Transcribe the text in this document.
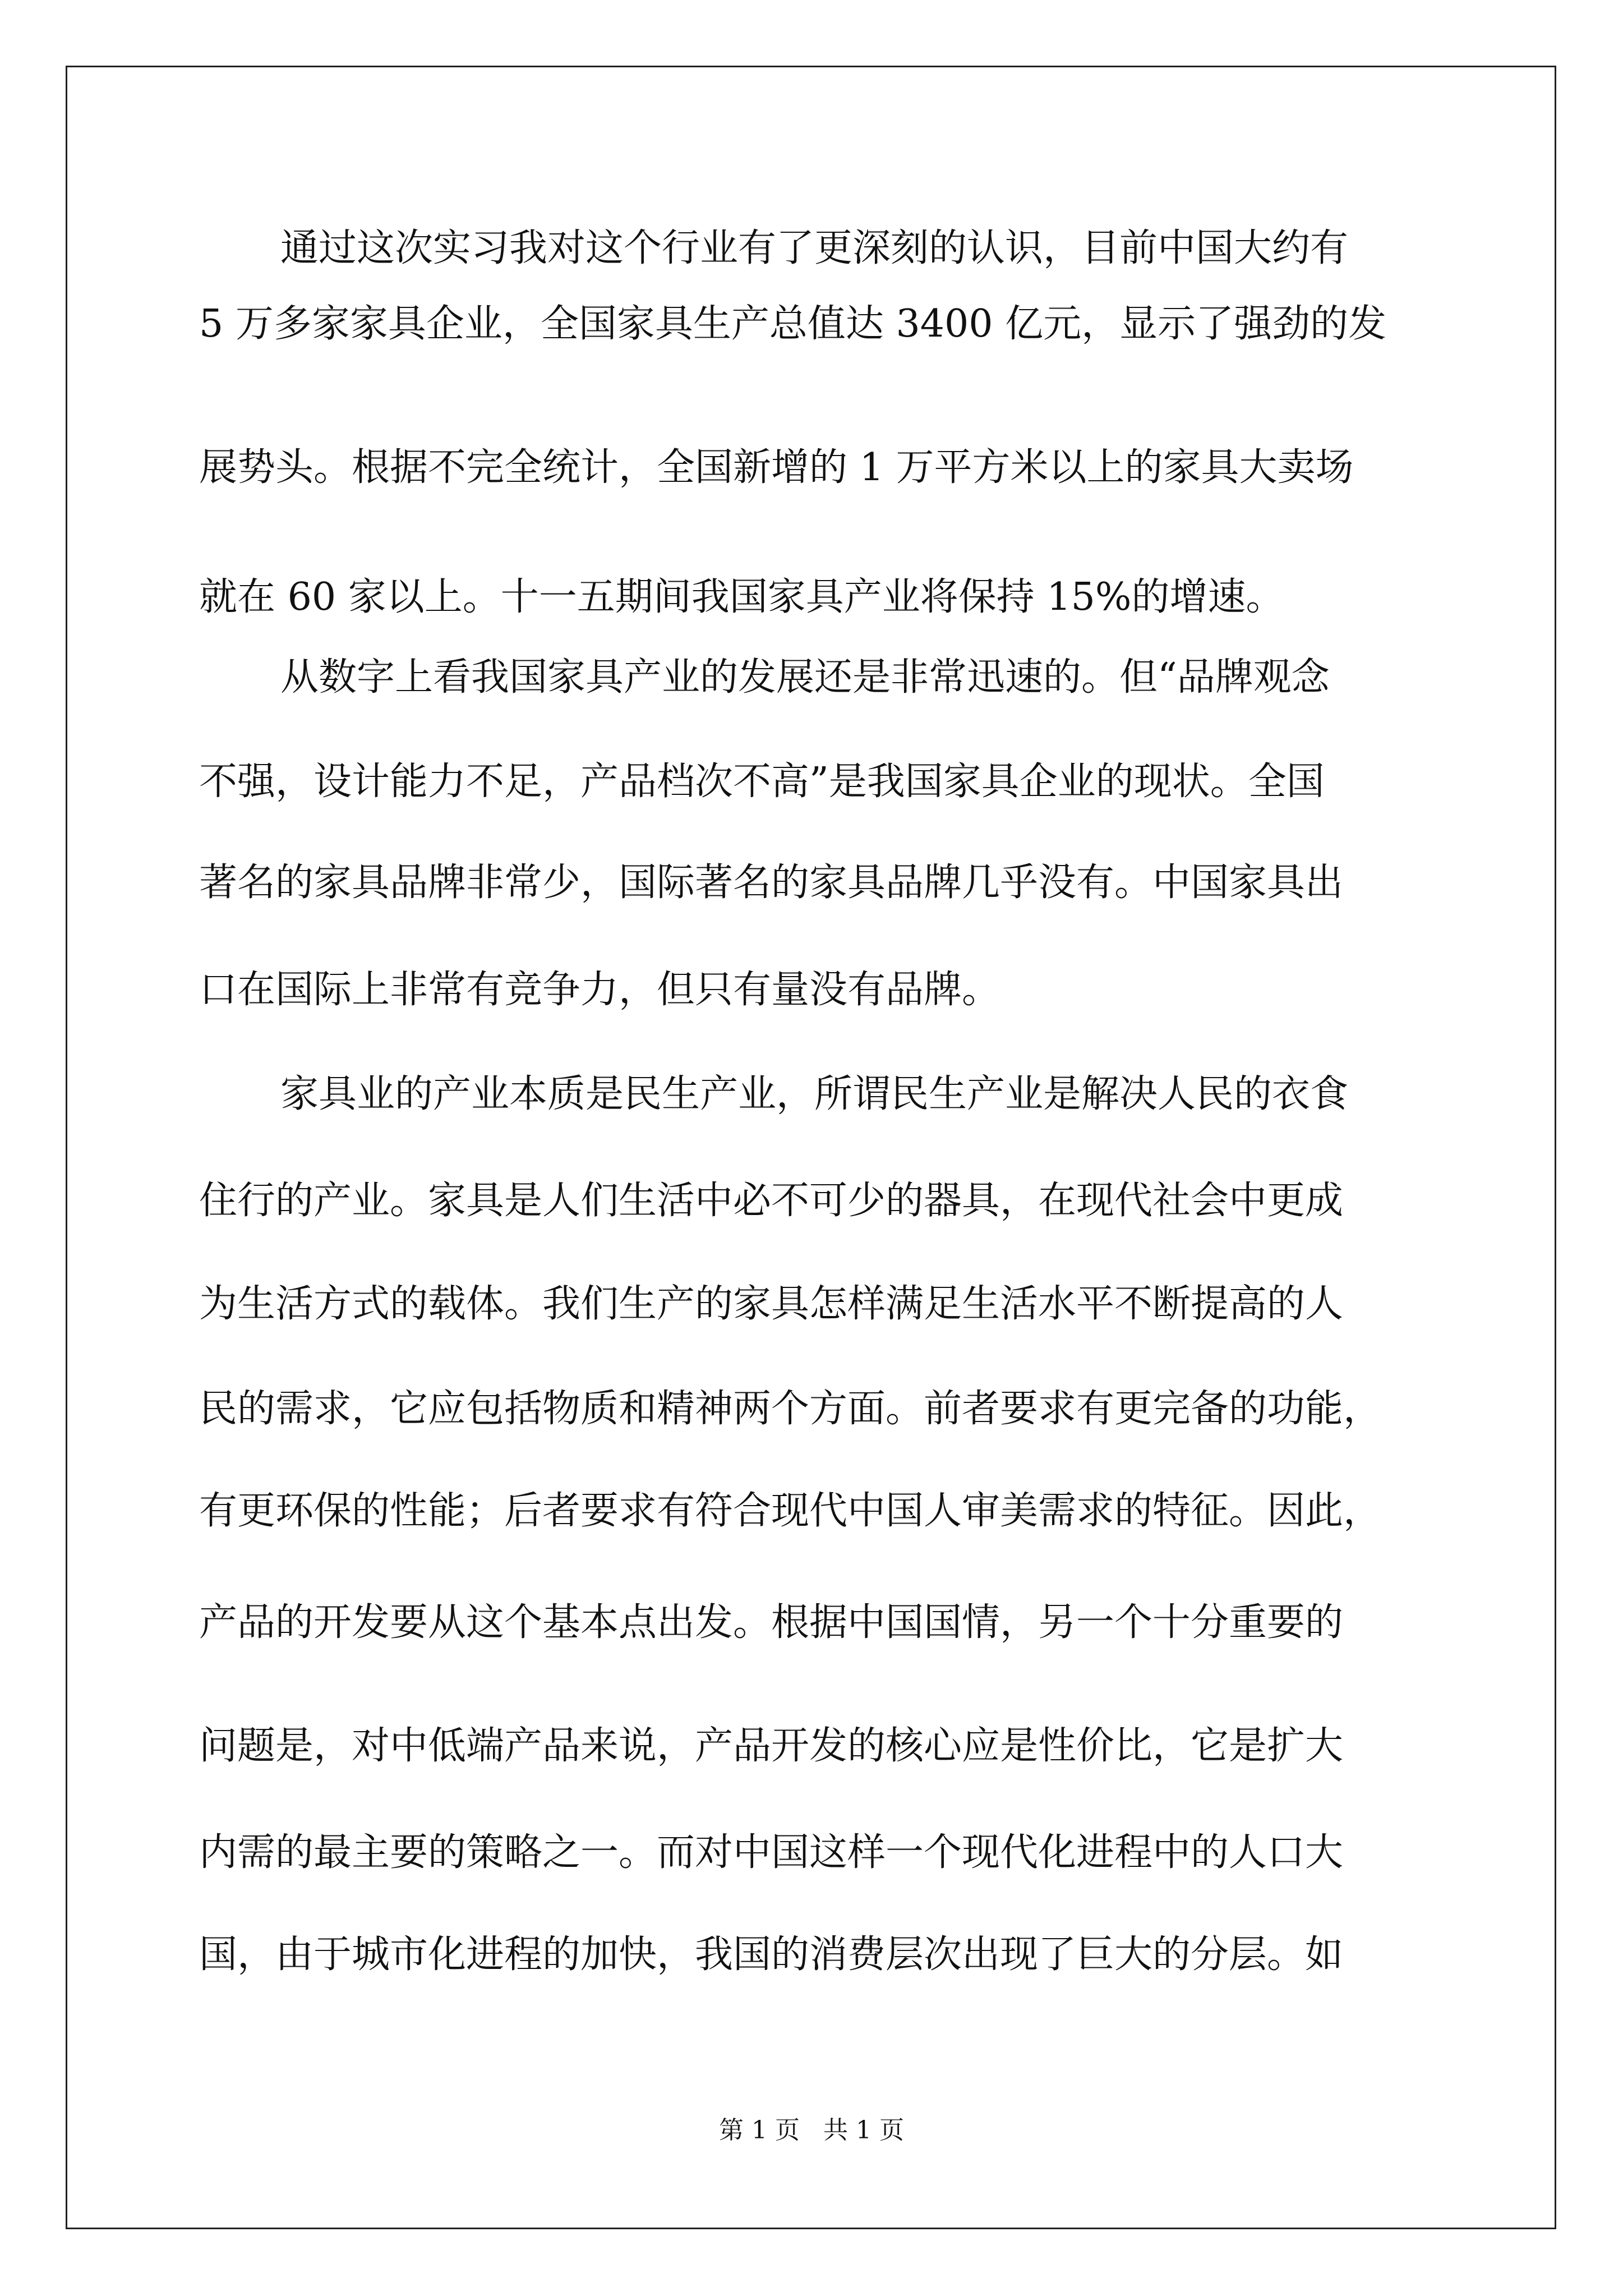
通过这次实习我对这个行业有了更深刻的认识，目前中国大约有
5 万多家家具企业，全国家具生产总值达 3400 亿元，显示了强劲的发
展势头。根据不完全统计，全国新增的 1 万平方米以上的家具大卖场
就在 60 家以上。十一五期间我国家具产业将保持 15%的增速。
从数字上看我国家具产业的发展还是非常迅速的。但“品牌观念
不强，设计能力不足，产品档次不高”是我国家具企业的现状。全国
著名的家具品牌非常少，国际著名的家具品牌几乎没有。中国家具出
口在国际上非常有竞争力，但只有量没有品牌。
家具业的产业本质是民生产业，所谓民生产业是解决人民的衣食
住行的产业。家具是人们生活中必不可少的器具，在现代社会中更成
为生活方式的载体。我们生产的家具怎样满足生活水平不断提高的人
民的需求，它应包括物质和精神两个方面。前者要求有更完备的功能，
有更环保的性能；后者要求有符合现代中国人审美需求的特征。因此，
产品的开发要从这个基本点出发。根据中国国情，另一个十分重要的
问题是，对中低端产品来说，产品开发的核心应是性价比，它是扩大
内需的最主要的策略之一。而对中国这样一个现代化进程中的人口大
国，由于城市化进程的加快，我国的消费层次出现了巨大的分层。如
第 1 页   共 1 页
